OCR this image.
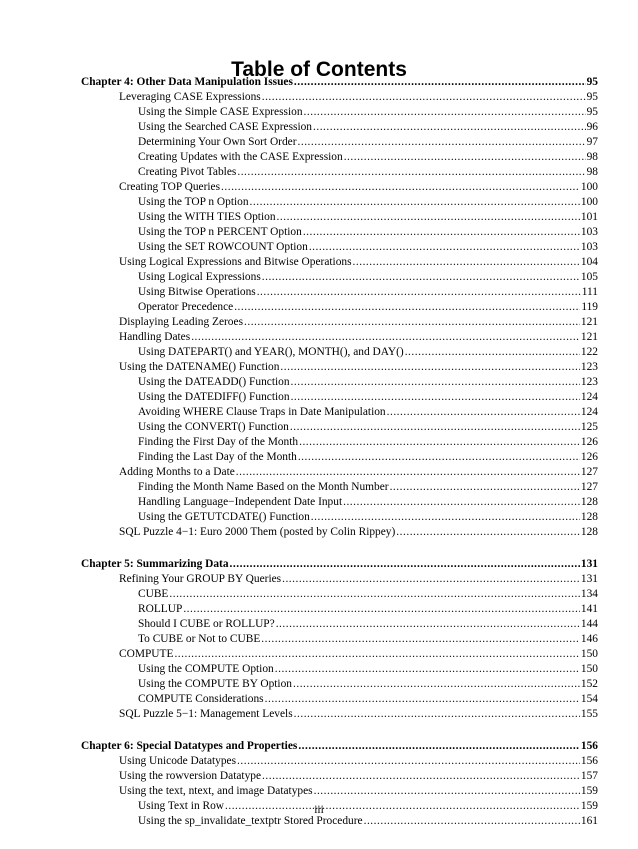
Table of Contents
Chapter 4: Other Data Manipulation Issues .....	95
Leveraging CASE Expressions .....	95
Using the Simple CASE Expression .....	95
Using the Searched CASE Expression .....	96
Determining Your Own Sort Order .....	97
Creating Updates with the CASE Expression .....	98
Creating Pivot Tables .....	98
Creating TOP Queries .....	100
Using the TOP n Option .....	100
Using the WITH TIES Option .....	101
Using the TOP n PERCENT Option .....	103
Using the SET ROWCOUNT Option .....	103
Using Logical Expressions and Bitwise Operations .....	104
Using Logical Expressions .....	105
Using Bitwise Operations .....	111
Operator Precedence .....	119
Displaying Leading Zeroes .....	121
Handling Dates .....	121
Using DATEPART() and YEAR(), MONTH(), and DAY() .....	122
Using the DATENAME() Function .....	123
Using the DATEADD() Function .....	123
Using the DATEDIFF() Function .....	124
Avoiding WHERE Clause Traps in Date Manipulation .....	124
Using the CONVERT() Function .....	125
Finding the First Day of the Month .....	126
Finding the Last Day of the Month .....	126
Adding Months to a Date .....	127
Finding the Month Name Based on the Month Number .....	127
Handling Language−Independent Date Input .....	128
Using the GETUTCDATE() Function .....	128
SQL Puzzle 4−1: Euro 2000 Them (posted by Colin Rippey) .....	128
Chapter 5: Summarizing Data .....	131
Refining Your GROUP BY Queries .....	131
CUBE .....	134
ROLLUP .....	141
Should I CUBE or ROLLUP? .....	144
To CUBE or Not to CUBE .....	146
COMPUTE .....	150
Using the COMPUTE Option .....	150
Using the COMPUTE BY Option .....	152
COMPUTE Considerations .....	154
SQL Puzzle 5−1: Management Levels .....	155
Chapter 6: Special Datatypes and Properties .....	156
Using Unicode Datatypes .....	156
Using the rowversion Datatype .....	157
Using the text, ntext, and image Datatypes .....	159
Using Text in Row .....	159
Using the sp_invalidate_textptr Stored Procedure .....	161
iii
